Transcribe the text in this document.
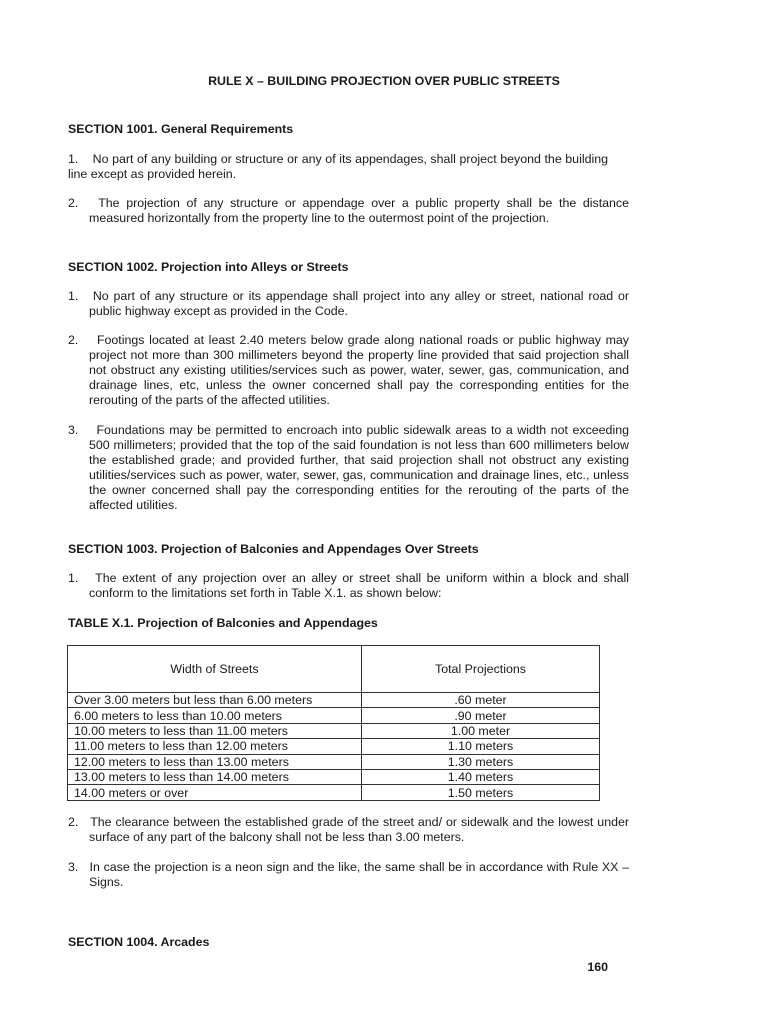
RULE X – BUILDING PROJECTION OVER PUBLIC STREETS

SECTION 1001. General Requirements

1. No part of any building or structure or any of its appendages, shall project beyond the building line except as provided herein.
2. The projection of any structure or appendage over a public property shall be the distance measured horizontally from the property line to the outermost point of the projection.

SECTION 1002. Projection into Alleys or Streets

1. No part of any structure or its appendage shall project into any alley or street, national road or public highway except as provided in the Code.
2. Footings located at least 2.40 meters below grade along national roads or public highway may project not more than 300 millimeters beyond the property line provided that said projection shall not obstruct any existing utilities/services such as power, water, sewer, gas, communication, and drainage lines, etc, unless the owner concerned shall pay the corresponding entities for the rerouting of the parts of the affected utilities.
3. Foundations may be permitted to encroach into public sidewalk areas to a width not exceeding 500 millimeters; provided that the top of the said foundation is not less than 600 millimeters below the established grade; and provided further, that said projection shall not obstruct any existing utilities/services such as power, water, sewer, gas, communication and drainage lines, etc., unless the owner concerned shall pay the corresponding entities for the rerouting of the parts of the affected utilities.

SECTION 1003. Projection of Balconies and Appendages Over Streets

1. The extent of any projection over an alley or street shall be uniform within a block and shall conform to the limitations set forth in Table X.1. as shown below:

TABLE X.1. Projection of Balconies and Appendages

Width of Streets	Total Projections
Over 3.00 meters but less than 6.00 meters	.60 meter
6.00 meters to less than 10.00 meters	.90 meter
10.00 meters to less than 11.00 meters	1.00 meter
11.00 meters to less than 12.00 meters	1.10 meters
12.00 meters to less than 13.00 meters	1.30 meters
13.00 meters to less than 14.00 meters	1.40 meters
14.00 meters or over	1.50 meters
2. The clearance between the established grade of the street and/ or sidewalk and the lowest under surface of any part of the balcony shall not be less than 3.00 meters.
3. In case the projection is a neon sign and the like, the same shall be in accordance with Rule XX – Signs.

SECTION 1004. Arcades

160
